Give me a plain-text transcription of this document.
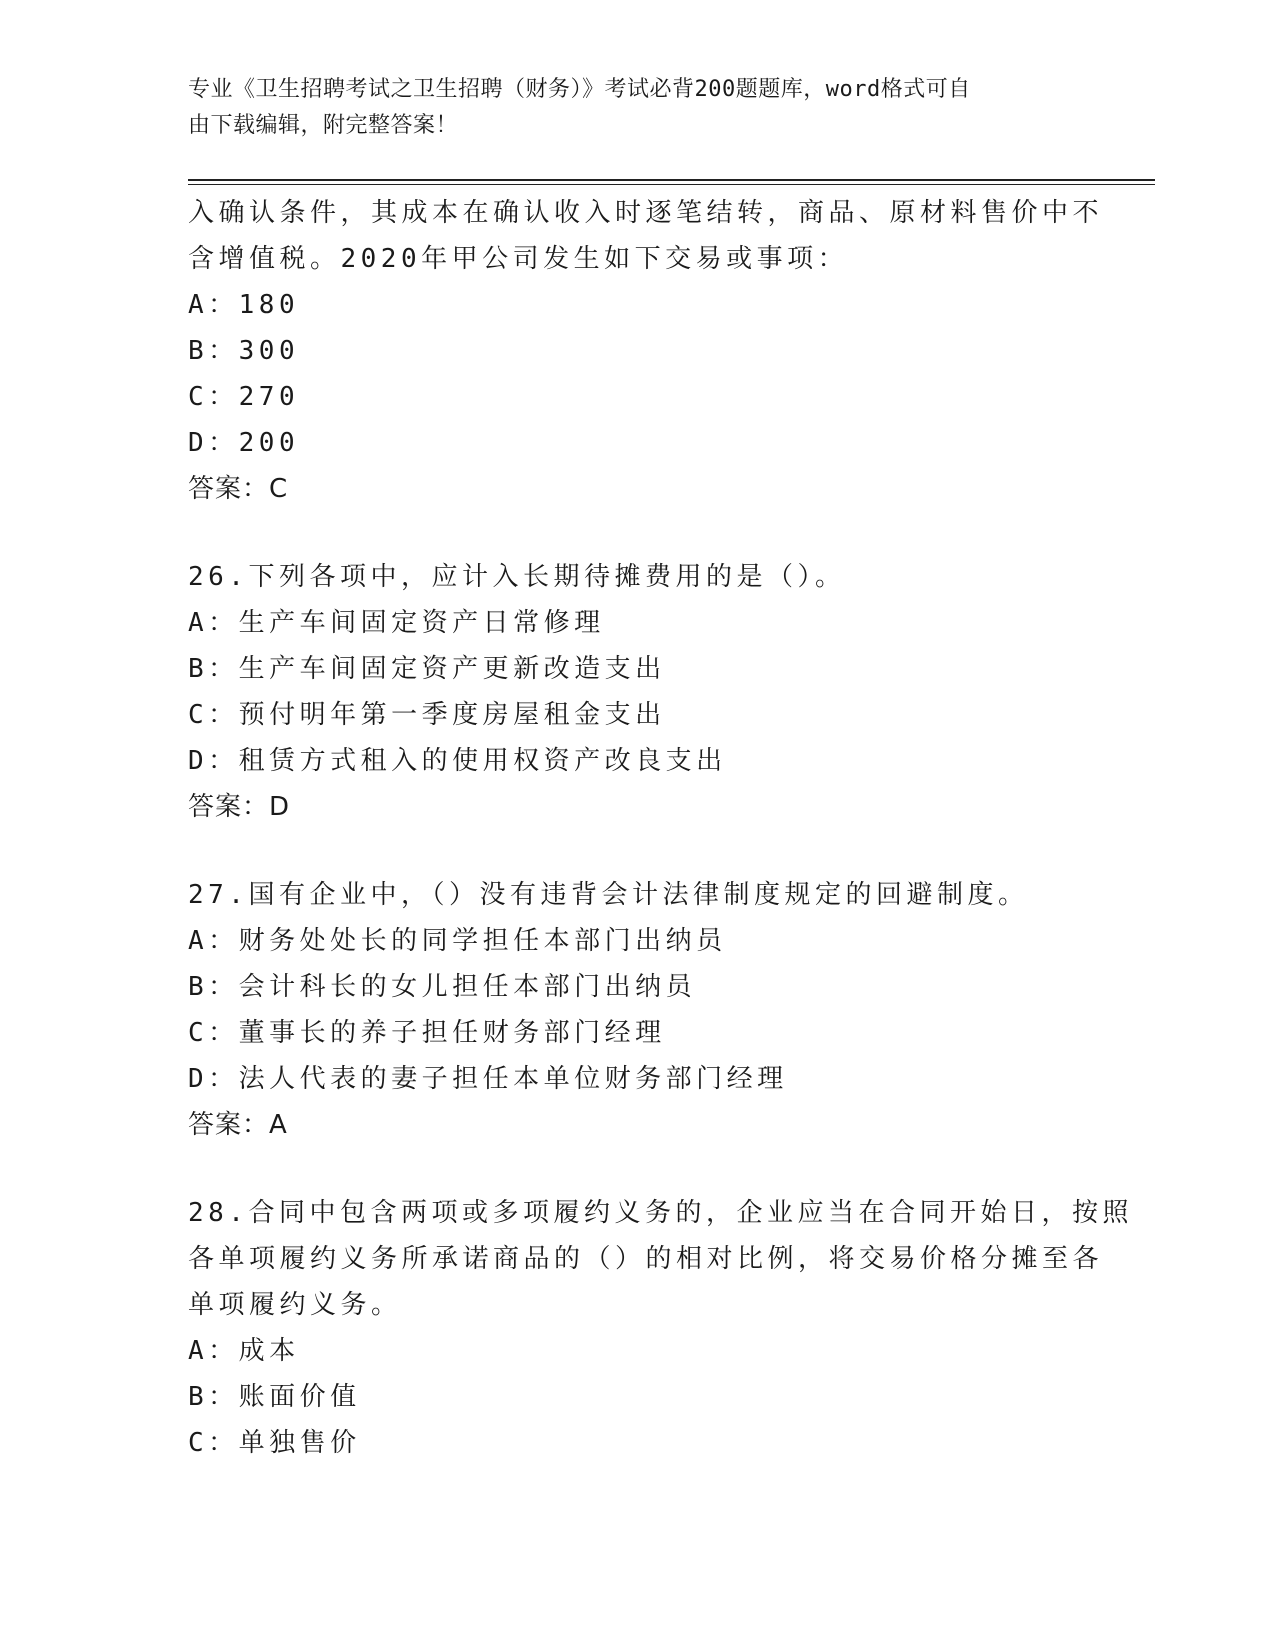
专业《卫生招聘考试之卫生招聘（财务）》考试必背200题题库，word格式可自
由下载编辑，附完整答案！
入确认条件，其成本在确认收入时逐笔结转，商品、原材料售价中不
含增值税。2020年甲公司发生如下交易或事项：
A：180
B：300
C：270
D：200
答案：C
26.下列各项中，应计入长期待摊费用的是（）。
A：生产车间固定资产日常修理
B：生产车间固定资产更新改造支出
C：预付明年第一季度房屋租金支出
D：租赁方式租入的使用权资产改良支出
答案：D
27.国有企业中，（）没有违背会计法律制度规定的回避制度。
A：财务处处长的同学担任本部门出纳员
B：会计科长的女儿担任本部门出纳员
C：董事长的养子担任财务部门经理
D：法人代表的妻子担任本单位财务部门经理
答案：A
28.合同中包含两项或多项履约义务的，企业应当在合同开始日，按照
各单项履约义务所承诺商品的（）的相对比例，将交易价格分摊至各
单项履约义务。
A：成本
B：账面价值
C：单独售价
